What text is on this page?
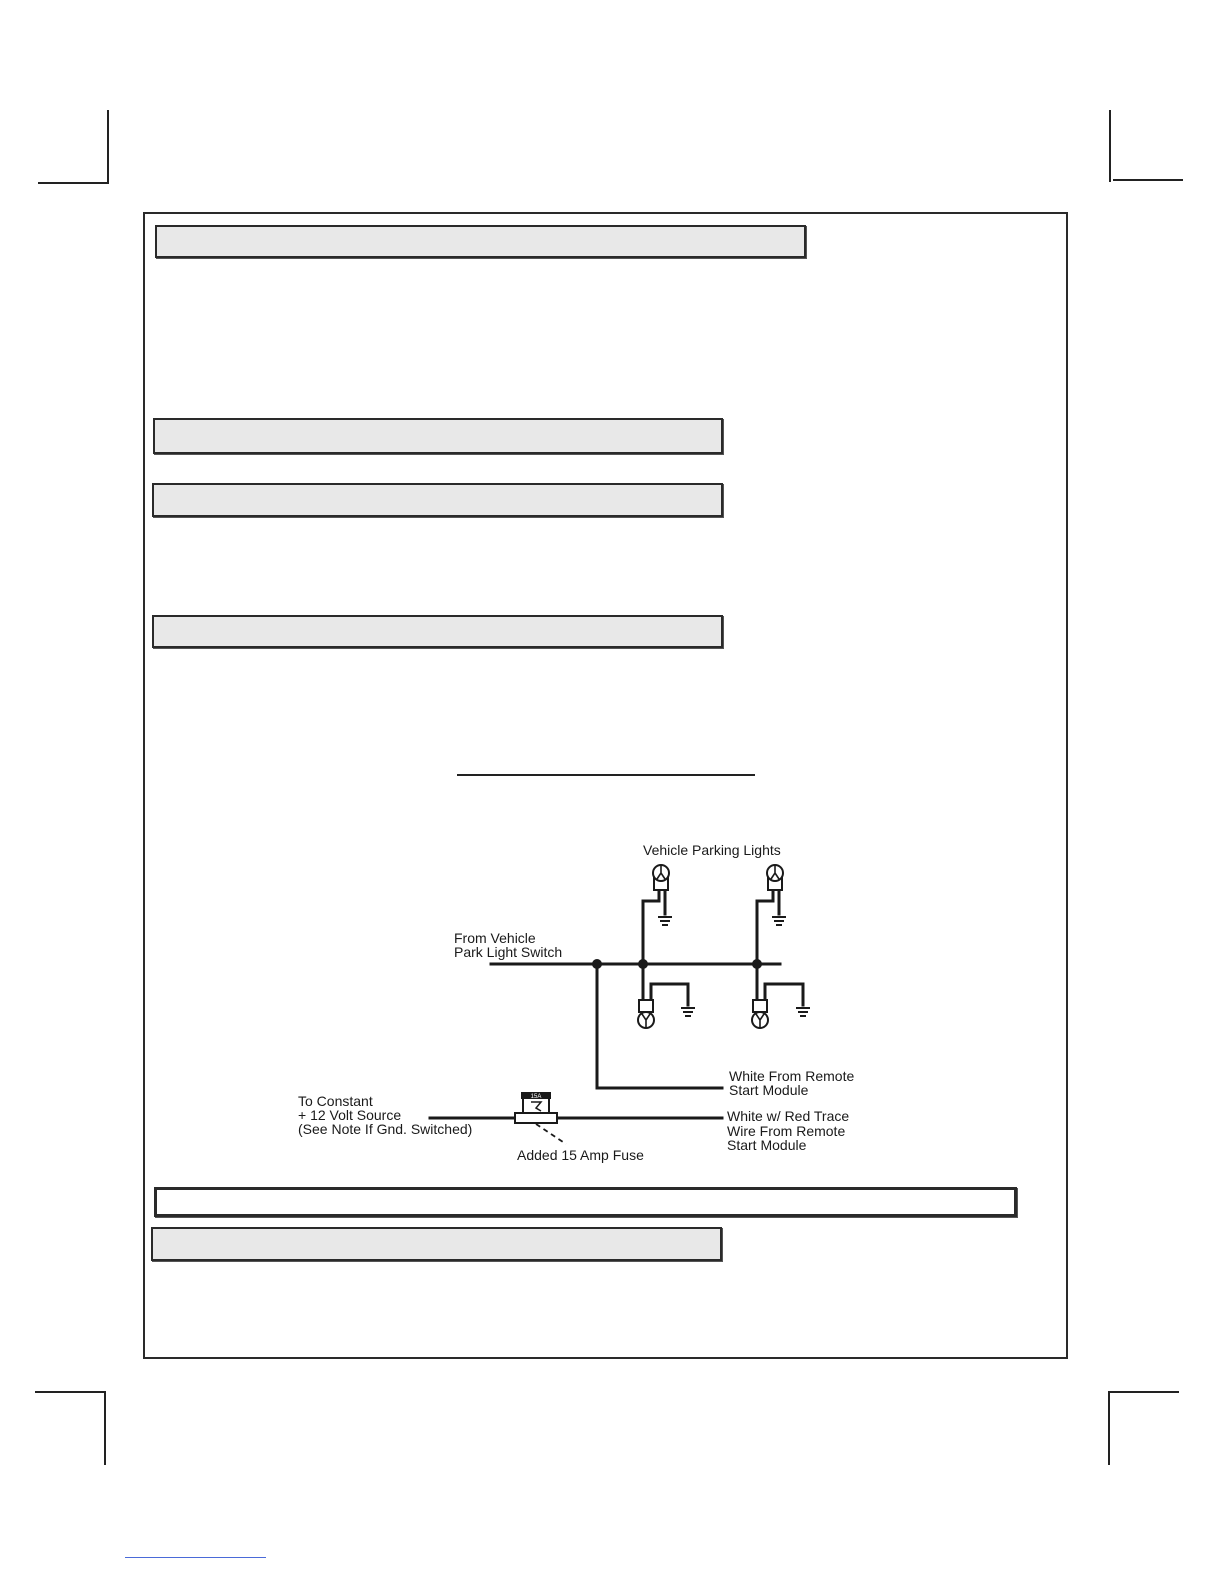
15A
Vehicle Parking Lights
From Vehicle
Park Light Switch
White From Remote
Start Module
To Constant
+ 12 Volt Source
(See Note If Gnd. Switched)
White w/ Red Trace
Wire From Remote
Start Module
Added 15 Amp Fuse
